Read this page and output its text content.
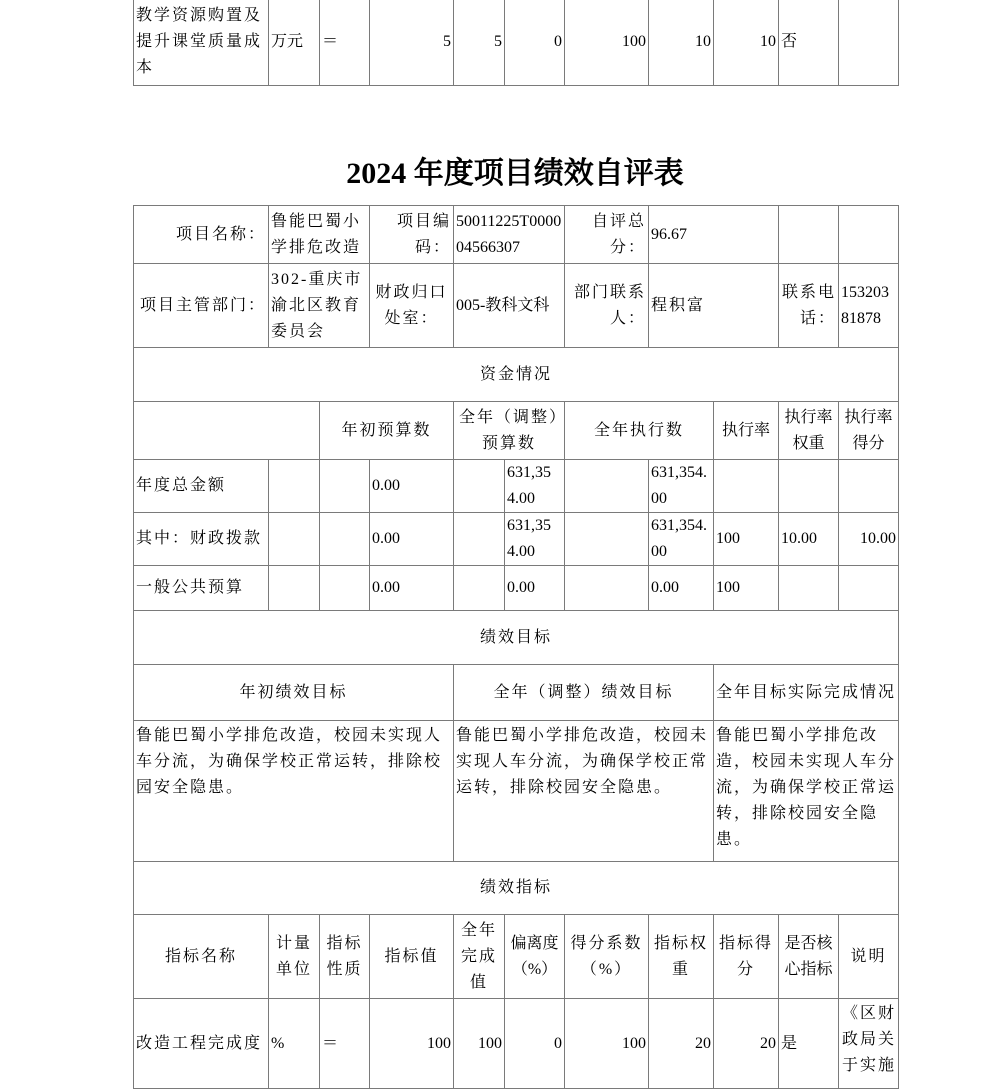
教学资源购置及提升课堂质量成本	万元	＝	5	5	0	100	10	10	否	
2024 年度项目绩效自评表
项目名称：	鲁能巴蜀小学排危改造		项目编码：	50011225T000004566307		自评总分：	96.67			
项目主管部门：	302-重庆市渝北区教育委员会		财政归口处室：	005-教科文科		部门联系人：	程积富		联系电话：	15320381878
资金情况										
		年初预算数		全年（调整）预算数		全年执行数		执行率	执行率权重	执行率得分
年度总金额			0.00		631,354.00		631,354.00			
其中：财政拨款			0.00		631,354.00		631,354.00	100	10.00	10.00
一般公共预算			0.00		0.00		0.00	100		
绩效目标										
年初绩效目标				全年（调整）绩效目标				全年目标实际完成情况		
鲁能巴蜀小学排危改造，校园未实现人车分流，为确保学校正常运转，排除校园安全隐患。				鲁能巴蜀小学排危改造，校园未实现人车分流，为确保学校正常运转，排除校园安全隐患。				鲁能巴蜀小学排危改造，校园未实现人车分流，为确保学校正常运转，排除校园安全隐患。		
绩效指标										
指标名称	计量单位	指标性质	指标值	全年完成值	偏离度（%）	得分系数（%）	指标权重	指标得分	是否核心指标	说明
改造工程完成度	%	＝	100	100	0	100	20	20	是	《区财政局关于实施
